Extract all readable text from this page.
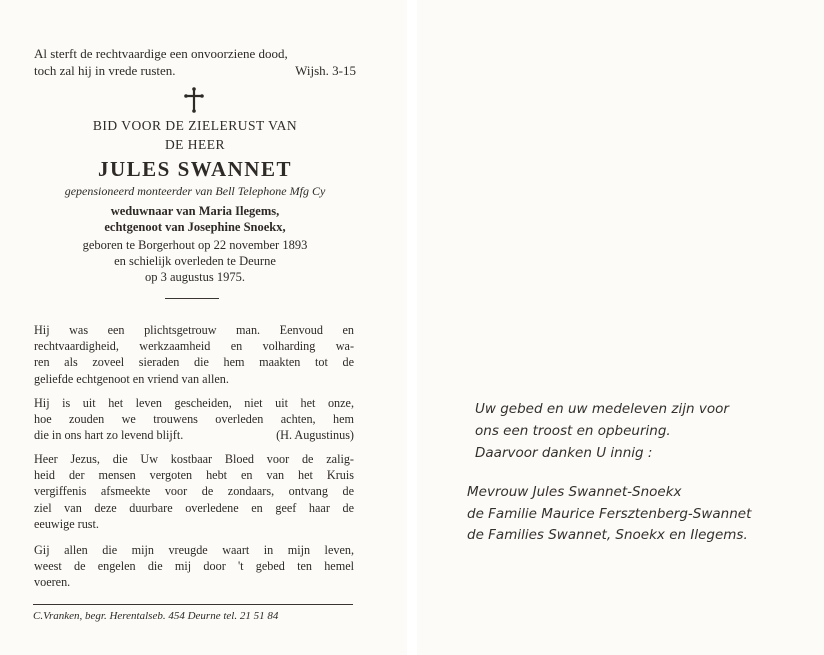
Al sterft de rechtvaardige een onvoorziene dood,
toch zal hij in vrede rusten.	Wijsh. 3-15
BID VOOR DE ZIELERUST VAN
DE HEER
JULES SWANNET
gepensioneerd monteerder van Bell Telephone Mfg Cy
weduwnaar van Maria Ilegems,
echtgenoot van Josephine Snoekx,
geboren te Borgerhout op 22 november 1893
en schielijk overleden te Deurne
op 3 augustus 1975.
Hij was een plichtsgetrouw man. Eenvoud en
rechtvaardigheid, werkzaamheid en volharding wa-
ren als zoveel sieraden die hem maakten tot de
geliefde echtgenoot en vriend van allen.
Hij is uit het leven gescheiden, niet uit het onze,
hoe zouden we trouwens overleden achten, hem
die in ons hart zo levend blijft.	(H. Augustinus)
Heer Jezus, die Uw kostbaar Bloed voor de zalig-
heid der mensen vergoten hebt en van het Kruis
vergiffenis afsmeekte voor de zondaars, ontvang de
ziel van deze duurbare overledene en geef haar de
eeuwige rust.
Gij allen die mijn vreugde waart in mijn leven,
weest de engelen die mij door 't gebed ten hemel
voeren.
C.Vranken, begr. Herentalseb. 454 Deurne tel. 21 51 84
Uw gebed en uw medeleven zijn voor
ons een troost en opbeuring.
Daarvoor danken U innig :
Mevrouw Jules Swannet-Snoekx
de Familie Maurice Fersztenberg-Swannet
de Families Swannet, Snoekx en Ilegems.
